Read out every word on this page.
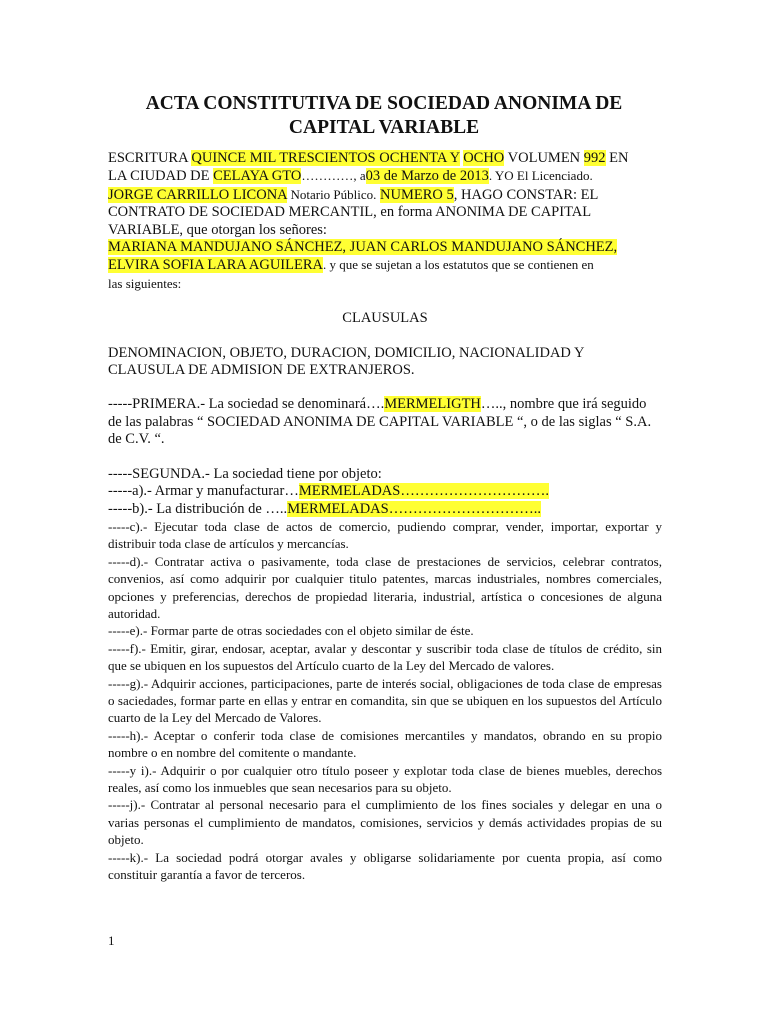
ACTA CONSTITUTIVA DE SOCIEDAD ANONIMA DE
CAPITAL VARIABLE

ESCRITURA QUINCE MIL TRESCIENTOS OCHENTA Y OCHO VOLUMEN 992 EN
LA CIUDAD DE CELAYA GTO…………, a03 de Marzo de 2013. YO El Licenciado.
JORGE CARRILLO LICONA Notario Público. NUMERO 5, HAGO CONSTAR: EL
CONTRATO DE SOCIEDAD MERCANTIL, en forma ANONIMA DE CAPITAL
VARIABLE, que otorgan los señores:
MARIANA MANDUJANO SÁNCHEZ, JUAN CARLOS MANDUJANO SÁNCHEZ,
ELVIRA SOFIA LARA AGUILERA. y que se sujetan a los estatutos que se contienen en
las siguientes:

CLAUSULAS

DENOMINACION, OBJETO, DURACION, DOMICILIO, NACIONALIDAD Y CLAUSULA DE ADMISION DE EXTRANJEROS.

-----PRIMERA.- La sociedad se denominará….MERMELIGTH….., nombre que irá seguido de las palabras “ SOCIEDAD ANONIMA DE CAPITAL VARIABLE “, o de las siglas “ S.A. de C.V. “.

-----SEGUNDA.- La sociedad tiene por objeto:

-----a).- Armar y manufacturar…MERMELADAS………………………….

-----b).- La distribución de …..MERMELADAS…………………………..

-----c).- Ejecutar toda clase de actos de comercio, pudiendo comprar, vender, importar, exportar y distribuir toda clase de artículos y mercancías.

-----d).- Contratar activa o pasivamente, toda clase de prestaciones de servicios, celebrar contratos, convenios, así como adquirir por cualquier titulo patentes, marcas industriales, nombres comerciales, opciones y preferencias, derechos de propiedad literaria, industrial, artística o concesiones de alguna autoridad.

-----e).- Formar parte de otras sociedades con el objeto similar de éste.

-----f).- Emitir, girar, endosar, aceptar, avalar y descontar y suscribir toda clase de títulos de crédito, sin que se ubiquen en los supuestos del Artículo cuarto de la Ley del Mercado de valores.

-----g).- Adquirir acciones, participaciones, parte de interés social, obligaciones de toda clase de empresas o saciedades, formar parte en ellas y entrar en comandita, sin que se ubiquen en los supuestos del Artículo cuarto de la Ley del Mercado de Valores.

-----h).- Aceptar o conferir toda clase de comisiones mercantiles y mandatos, obrando en su propio nombre o en nombre del comitente o mandante.

-----y i).- Adquirir o por cualquier otro título poseer y explotar toda clase de bienes muebles, derechos reales, así como los inmuebles que sean necesarios para su objeto.

-----j).- Contratar al personal necesario para el cumplimiento de los fines sociales y delegar en una o varias personas el cumplimiento de mandatos, comisiones, servicios y demás actividades propias de su objeto.

-----k).- La sociedad podrá otorgar avales y obligarse solidariamente por cuenta propia, así como constituir garantía a favor de terceros.

1
